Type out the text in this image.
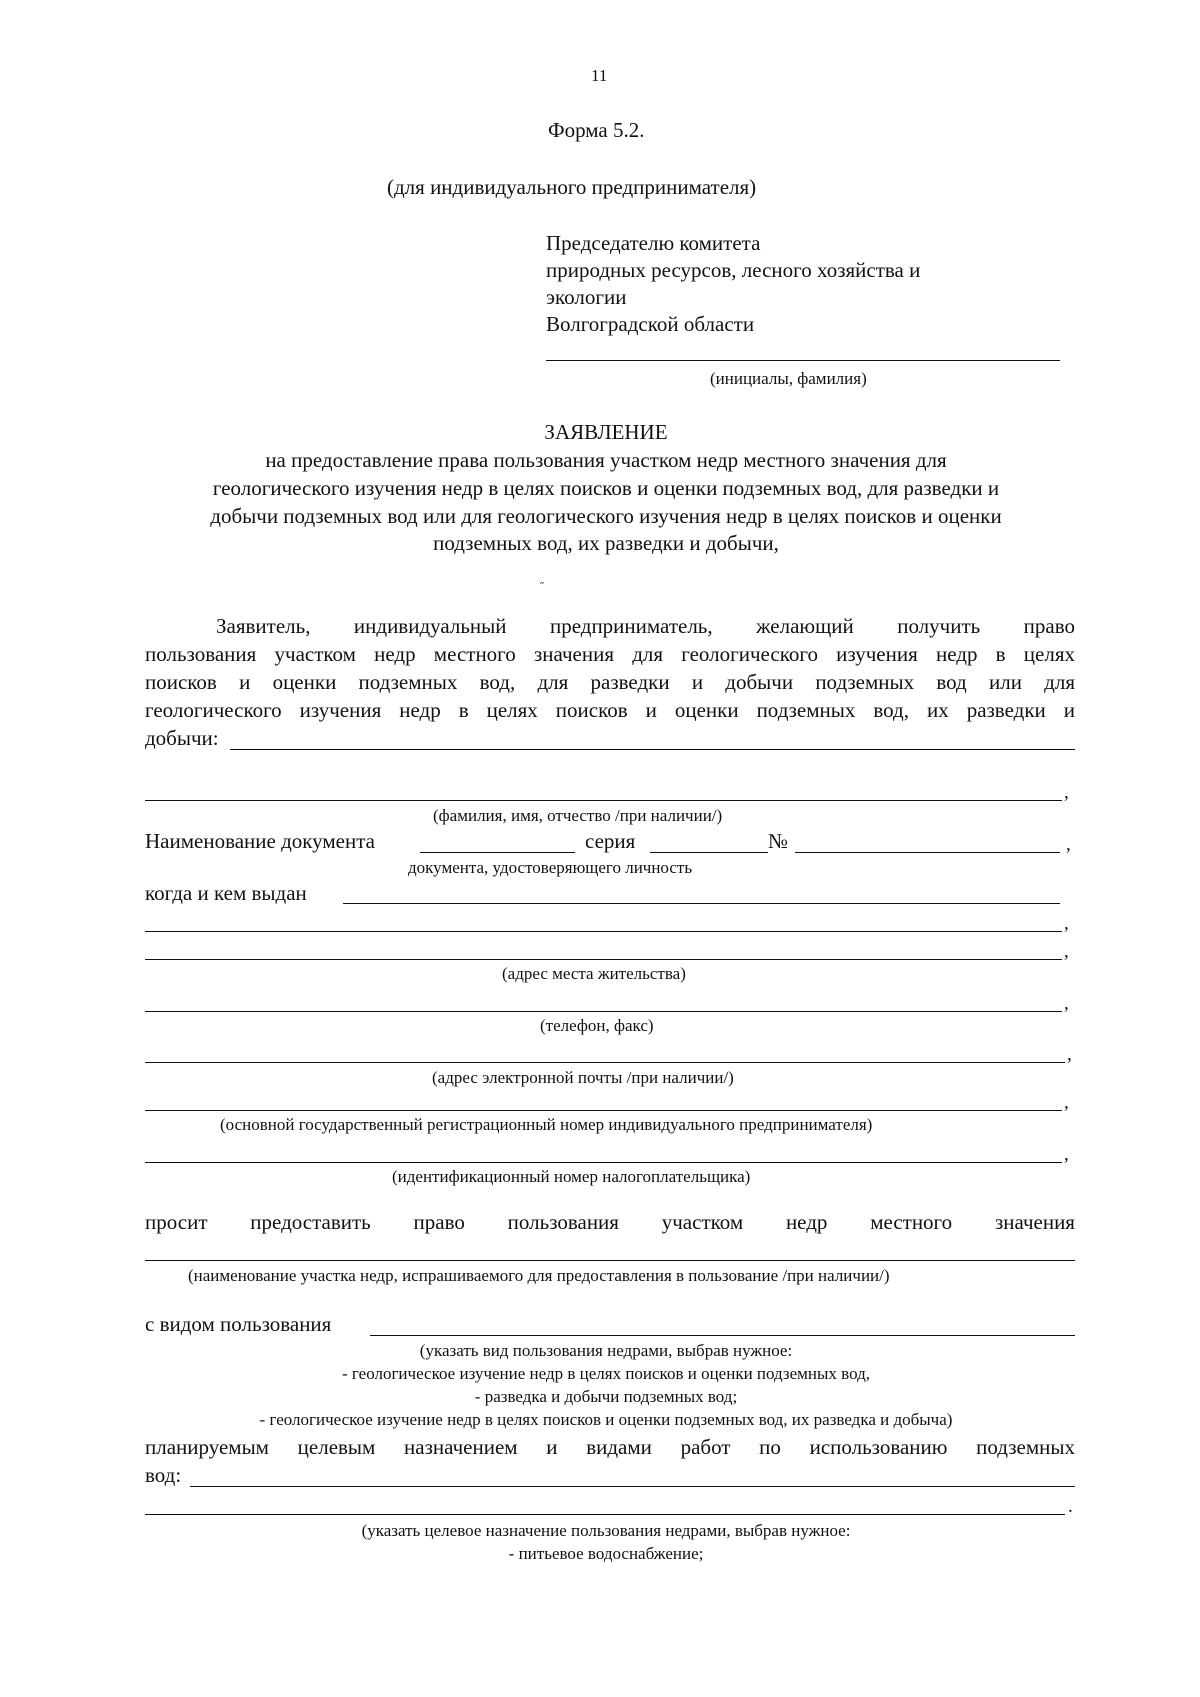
11
Форма 5.2.
(для индивидуального предпринимателя)
Председателю комитета
природных ресурсов, лесного хозяйства и
экологии
Волгоградской области
(инициалы, фамилия)
ЗАЯВЛЕНИЕ
на предоставление права пользования участком недр местного значения для
геологического изучения недр в целях поисков и оценки подземных вод, для разведки и
добычи подземных вод или для геологического изучения недр в целях поисков и оценки
подземных вод, их разведки и добычи,
˶
Заявитель, индивидуальный предприниматель, желающий получить право
пользования участком недр местного значения для геологического изучения недр в целях
поисков и оценки подземных вод, для разведки и добычи подземных вод или для
геологического изучения недр в целях поисков и оценки подземных вод, их разведки и
добычи:
,
(фамилия, имя, отчество /при наличии/)
Наименование документа	серия	№	,
документа, удостоверяющего личность
когда и кем выдан
,
,
(адрес места жительства)
,
(телефон, факс)
,
(адрес электронной почты /при наличии/)
,
(основной государственный регистрационный номер индивидуального предпринимателя)
,
(идентификационный номер налогоплательщика)
просит предоставить право пользования участком недр местного значения
(наименование участка недр, испрашиваемого для предоставления в пользование /при наличии/)
с видом пользования
(указать вид пользования недрами, выбрав нужное:
- геологическое изучение недр в целях поисков и оценки подземных вод,
- разведка и добычи подземных вод;
- геологическое изучение недр в целях поисков и оценки подземных вод, их разведка и добыча)
планируемым целевым назначением и видами работ по использованию подземных
вод:
.
(указать целевое назначение пользования недрами, выбрав нужное:
- питьевое водоснабжение;
